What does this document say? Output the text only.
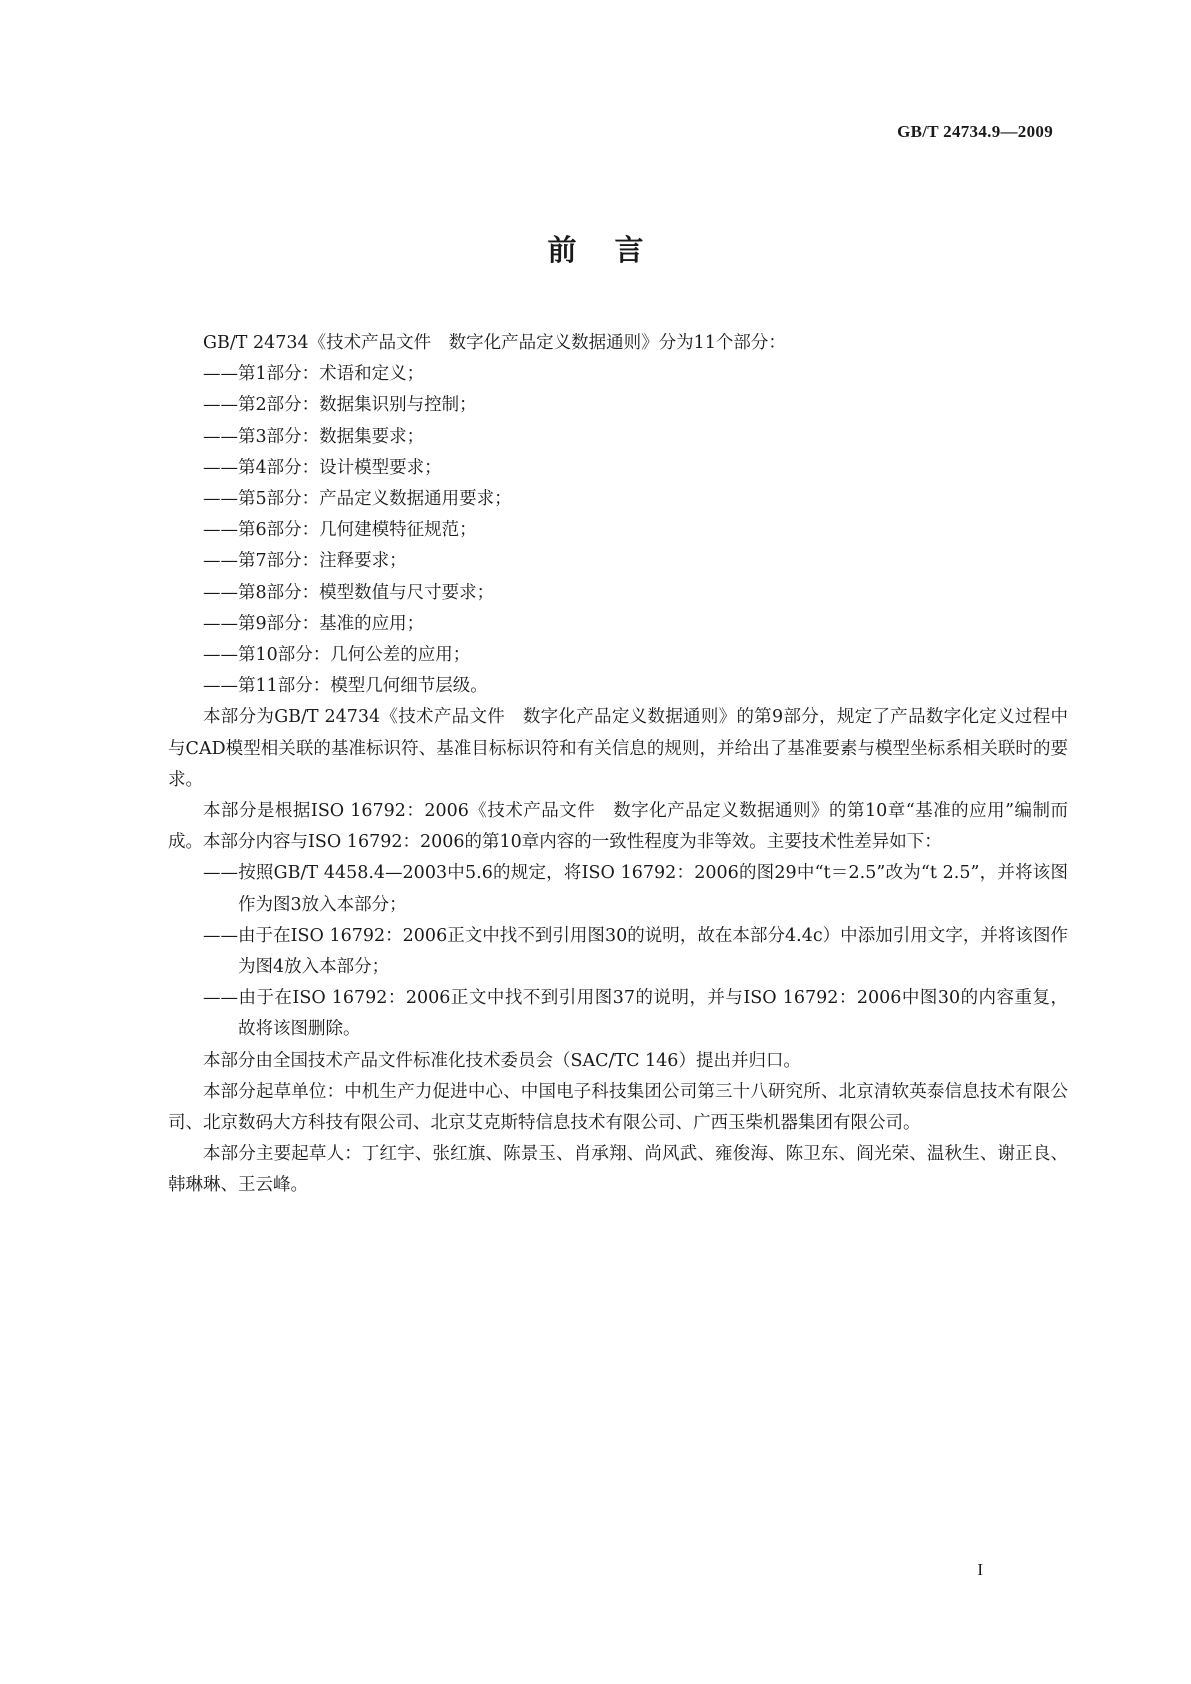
GB/T 24734.9—2009
前言

GB/T 24734《技术产品文件　数字化产品定义数据通则》分为11个部分：

——第1部分：术语和定义；
——第2部分：数据集识别与控制；
——第3部分：数据集要求；
——第4部分：设计模型要求；
——第5部分：产品定义数据通用要求；
——第6部分：几何建模特征规范；
——第7部分：注释要求；
——第8部分：模型数值与尺寸要求；
——第9部分：基准的应用；
——第10部分：几何公差的应用；
——第11部分：模型几何细节层级。

本部分为GB/T 24734《技术产品文件　数字化产品定义数据通则》的第9部分，规定了产品数字化定义过程中与CAD模型相关联的基准标识符、基准目标标识符和有关信息的规则，并给出了基准要素与模型坐标系相关联时的要求。

本部分是根据ISO 16792：2006《技术产品文件　数字化产品定义数据通则》的第10章“基准的应用”编制而成。本部分内容与ISO 16792：2006的第10章内容的一致性程度为非等效。主要技术性差异如下：

——按照GB/T 4458.4—2003中5.6的规定，将ISO 16792：2006的图29中“t＝2.5”改为“t 2.5”，并将该图作为图3放入本部分；
——由于在ISO 16792：2006正文中找不到引用图30的说明，故在本部分4.4c）中添加引用文字，并将该图作为图4放入本部分；
——由于在ISO 16792：2006正文中找不到引用图37的说明，并与ISO 16792：2006中图30的内容重复，故将该图删除。

本部分由全国技术产品文件标准化技术委员会（SAC/TC 146）提出并归口。

本部分起草单位：中机生产力促进中心、中国电子科技集团公司第三十八研究所、北京清软英泰信息技术有限公司、北京数码大方科技有限公司、北京艾克斯特信息技术有限公司、广西玉柴机器集团有限公司。

本部分主要起草人：丁红宇、张红旗、陈景玉、肖承翔、尚风武、雍俊海、陈卫东、阎光荣、温秋生、谢正良、韩琳琳、王云峰。

I
